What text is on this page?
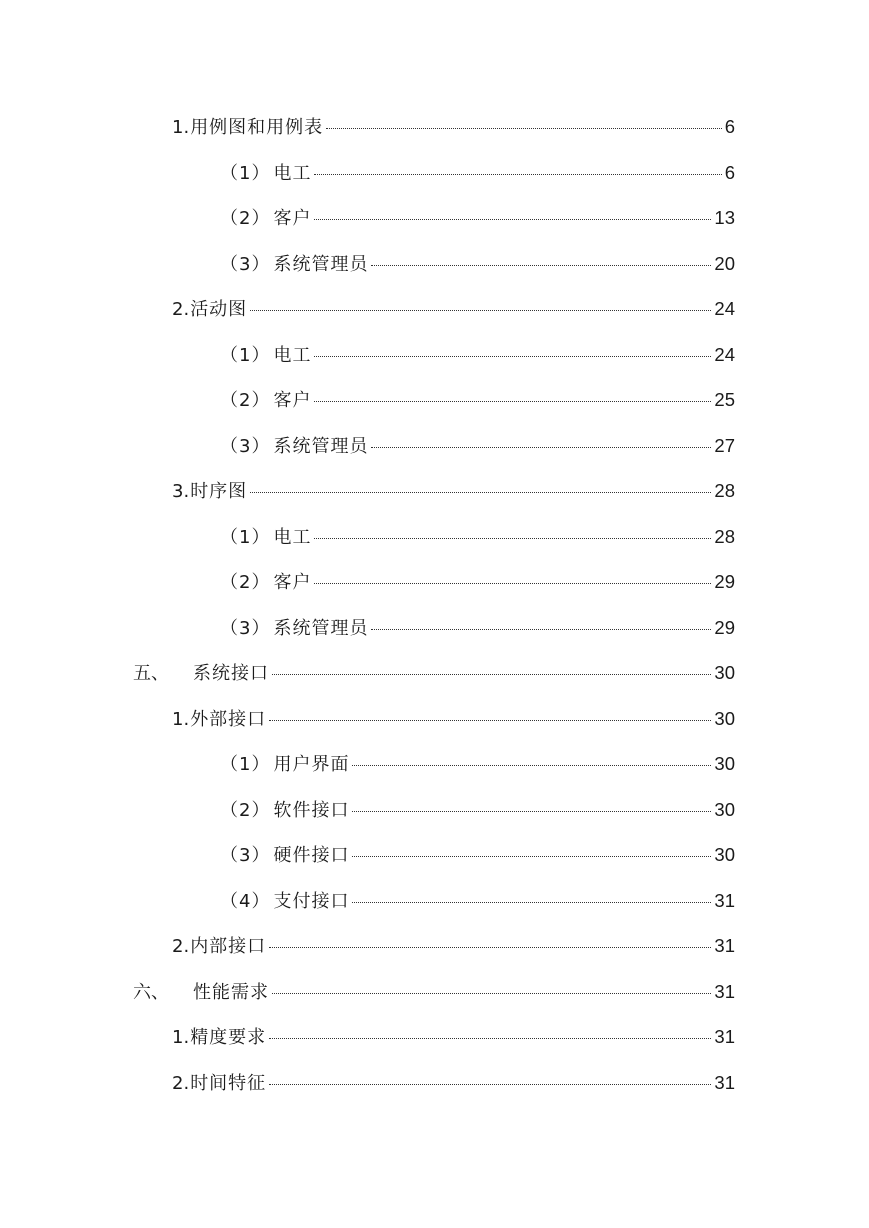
1. 用例图和用例表	6
（1） 电工	6
（2） 客户	13
（3） 系统管理员	20
2. 活动图	24
（1） 电工	24
（2） 客户	25
（3） 系统管理员	27
3. 时序图	28
（1） 电工	28
（2） 客户	29
（3） 系统管理员	29
五、	系统接口	30
1. 外部接口	30
（1） 用户界面	30
（2） 软件接口	30
（3） 硬件接口	30
（4） 支付接口	31
2. 内部接口	31
六、	性能需求	31
1. 精度要求	31
2. 时间特征	31
